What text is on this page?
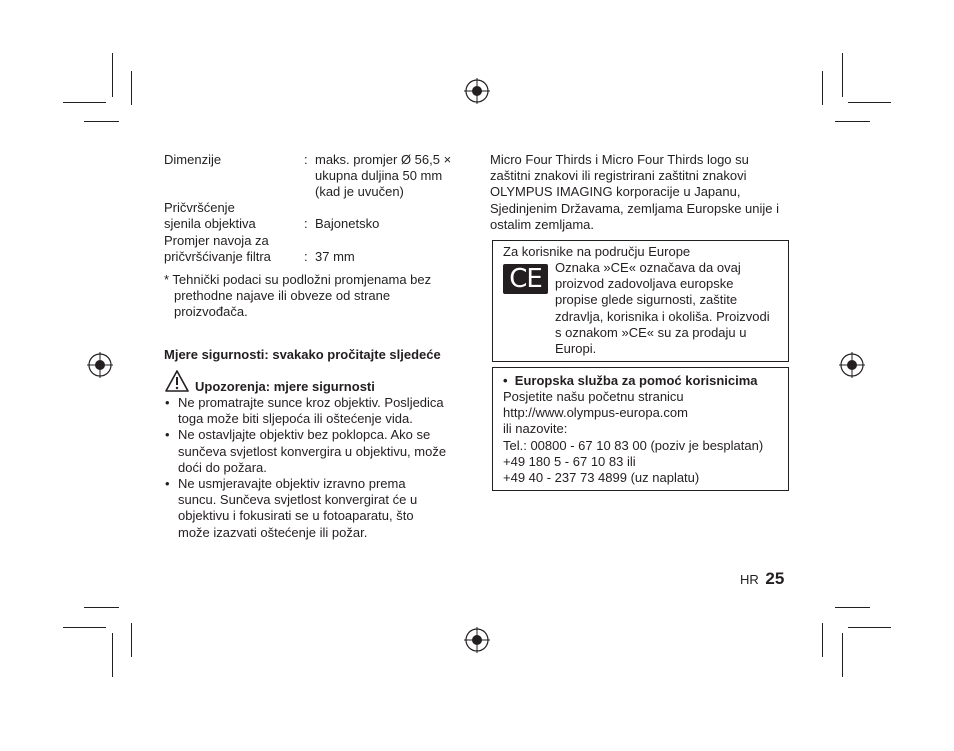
Dimenzije	: maks. promjer Ø 56,5 × ukupna duljina 50 mm (kad je uvučen)
Pričvršćenje sjenila objektiva	: Bajonetsko
Promjer navoja za pričvršćivanje filtra	: 37 mm
* Tehnički podaci su podložni promjenama bez prethodne najave ili obveze od strane proizvođača.
Mjere sigurnosti: svakako pročitajte sljedeće
Upozorenja: mjere sigurnosti
• Ne promatrajte sunce kroz objektiv. Posljedica toga može biti sljepoća ili oštećenje vida.
• Ne ostavljajte objektiv bez poklopca. Ako se sunčeva svjetlost konvergira u objektivu, može doći do požara.
• Ne usmjeravajte objektiv izravno prema suncu. Sunčeva svjetlost konvergirat će u objektivu i fokusirati se u fotoaparatu, što može izazvati oštećenje ili požar.
Micro Four Thirds i Micro Four Thirds logo su zaštitni znakovi ili registrirani zaštitni znakovi OLYMPUS IMAGING korporacije u Japanu, Sjedinjenim Državama, zemljama Europske unije i ostalim zemljama.
Za korisnike na području Europe
CE	Oznaka »CE« označava da ovaj proizvod zadovoljava europske propise glede sigurnosti, zaštite zdravlja, korisnika i okoliša. Proizvodi s oznakom »CE« su za prodaju u Europi.
•  Europska služba za pomoć korisnicima
Posjetite našu početnu stranicu
http://www.olympus-europa.com
ili nazovite:
Tel.: 00800 - 67 10 83 00 (poziv je besplatan)
+49 180 5 - 67 10 83 ili
+49 40 - 237 73 4899 (uz naplatu)
HR 25
